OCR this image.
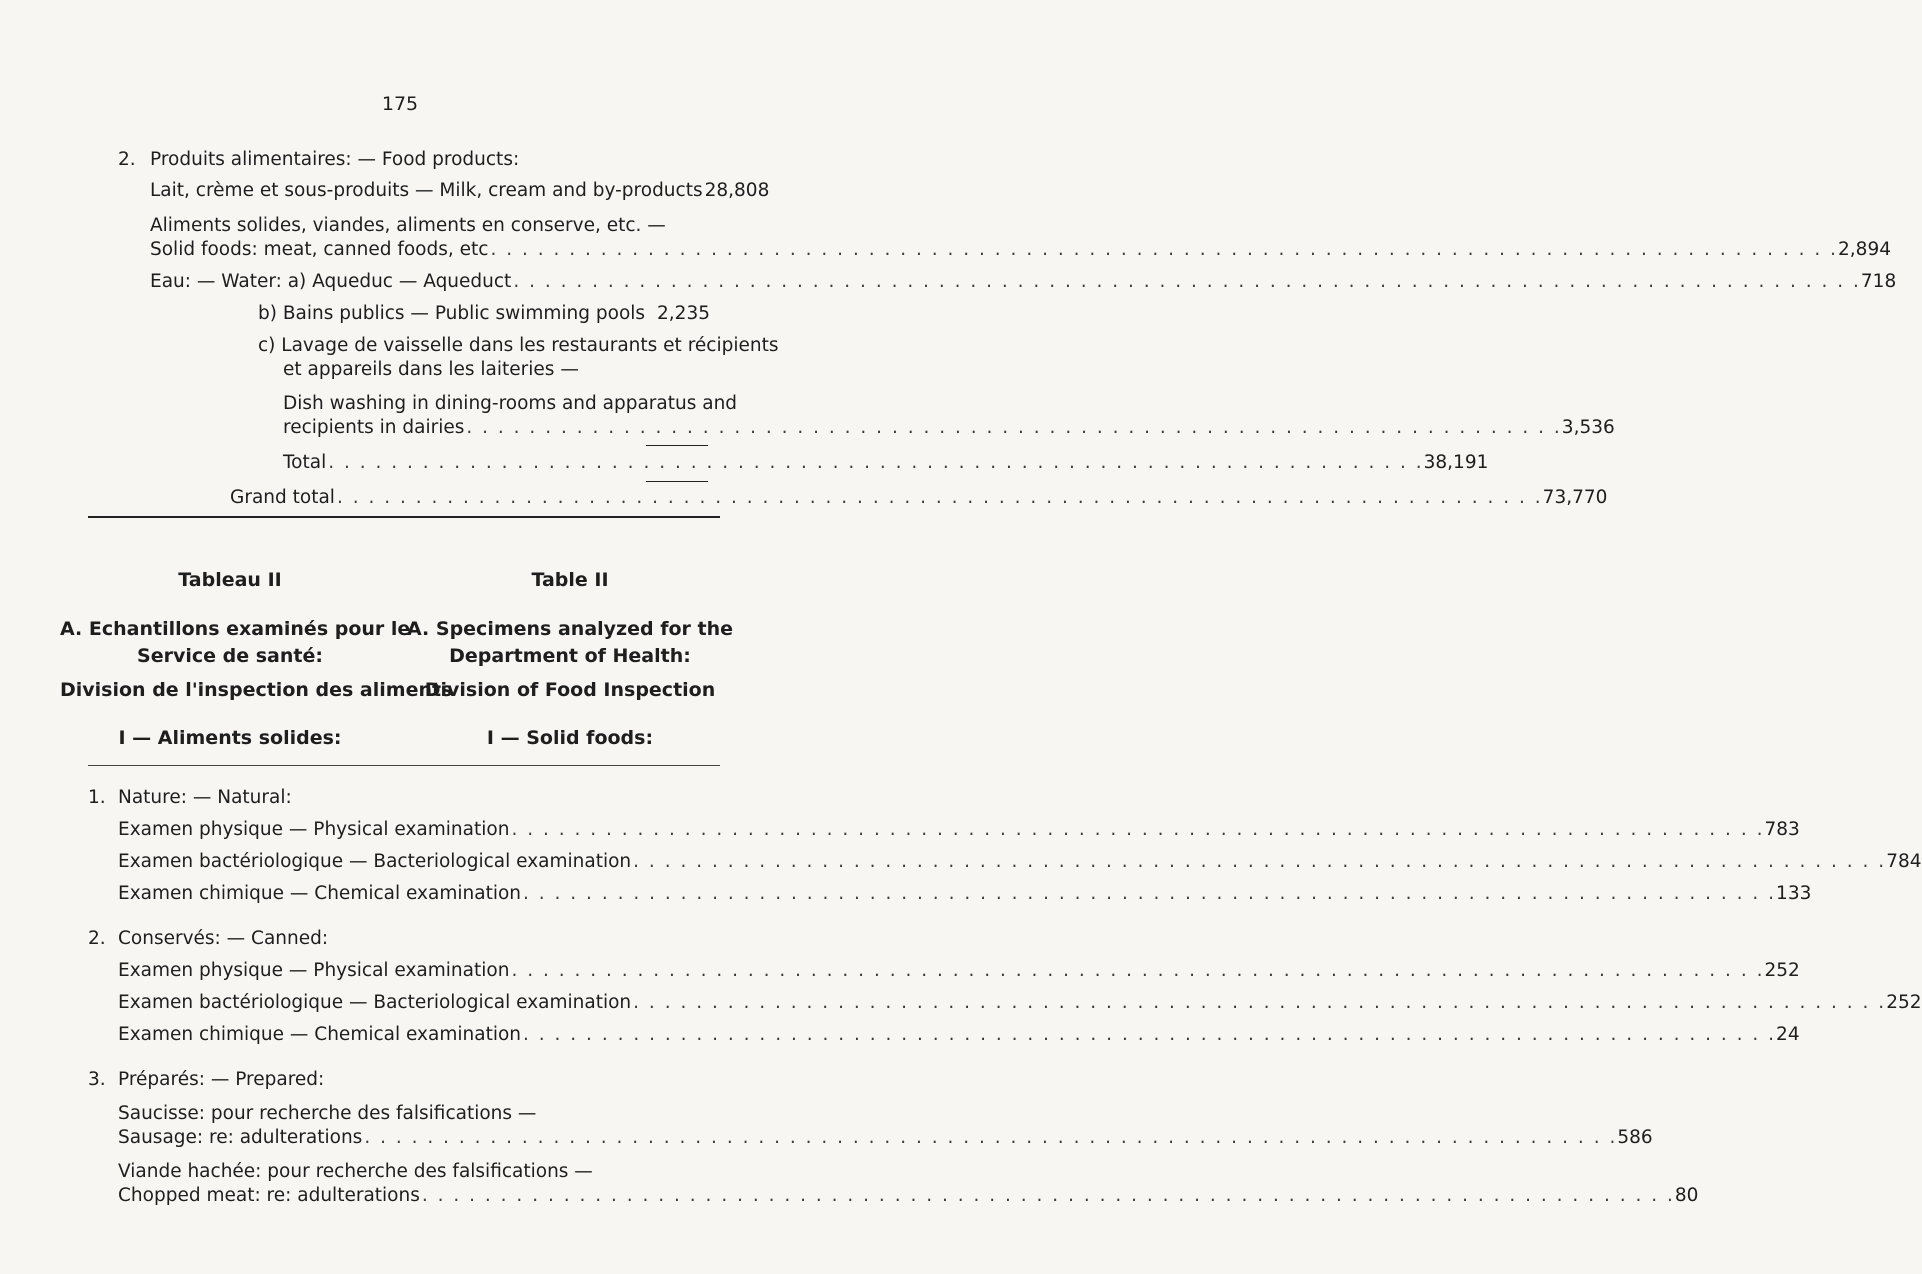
175
2. Produits alimentaires: — Food products:
Lait, crème et sous-produits — Milk, cream and by-products 28,808
Aliments solides, viandes, aliments en conserve, etc. —
Solid foods: meat, canned foods, etc . . . . . . . . . . . . . . . . . . . . . . . . . . . . . . . . . . . . . . . . . . . . . . . . . . . . . . . . . . . . . . . . . . . . . . . . . . . . . . . . . . . . . . 2,894
Eau: — Water: a) Aqueduc — Aqueduct . . . . . . . . . . . . . . . . . . . . . . . . . . . . . . . . . . . . . . . . . . . . . . . . . . . . . . . . . . . . . . . . . . . . . . . . . . . . . . . . . . . . . . 718
b) Bains publics — Public swimming pools 2,235
c) Lavage de vaisselle dans les restaurants et récipients
et appareils dans les laiteries —
Dish washing in dining-rooms and apparatus and
recipients in dairies . . . . . . . . . . . . . . . . . . . . . . . . . . . . . . . . . . . . . . . . . . . . . . . . . . . . . . . . . . . . . . . . . . . . . . 3,536
Total . . . . . . . . . . . . . . . . . . . . . . . . . . . . . . . . . . . . . . . . . . . . . . . . . . . . . . . . . . . . . . . . . . . . . . 38,191
Grand total . . . . . . . . . . . . . . . . . . . . . . . . . . . . . . . . . . . . . . . . . . . . . . . . . . . . . . . . . . . . . . . . . . . . . . . . . . . . . 73,770
Tableau II	Table II
A. Echantillons examinés pour le
A. Specimens analyzed for the
Service de santé:	Department of Health:
Division de l'inspection des aliments
Division of Food Inspection
I — Aliments solides:	I — Solid foods:
1. Nature: — Natural:
Examen physique — Physical examination . . . . . . . . . . . . . . . . . . . . . . . . . . . . . . . . . . . . . . . . . . . . . . . . . . . . . . . . . . . . . . . . . . . . . . . . . . . . . . . . 783
Examen bactériologique — Bacteriological examination . . . . . . . . . . . . . . . . . . . . . . . . . . . . . . . . . . . . . . . . . . . . . . . . . . . . . . . . . . . . . . . . . . . . . . . . . . . . . . . . 784
Examen chimique — Chemical examination . . . . . . . . . . . . . . . . . . . . . . . . . . . . . . . . . . . . . . . . . . . . . . . . . . . . . . . . . . . . . . . . . . . . . . . . . . . . . . . . 133
2. Conservés: — Canned:
Examen physique — Physical examination . . . . . . . . . . . . . . . . . . . . . . . . . . . . . . . . . . . . . . . . . . . . . . . . . . . . . . . . . . . . . . . . . . . . . . . . . . . . . . . . 252
Examen bactériologique — Bacteriological examination . . . . . . . . . . . . . . . . . . . . . . . . . . . . . . . . . . . . . . . . . . . . . . . . . . . . . . . . . . . . . . . . . . . . . . . . . . . . . . . . 252
Examen chimique — Chemical examination . . . . . . . . . . . . . . . . . . . . . . . . . . . . . . . . . . . . . . . . . . . . . . . . . . . . . . . . . . . . . . . . . . . . . . . . . . . . . . . . 24
3. Préparés: — Prepared:
Saucisse: pour recherche des falsifications —
Sausage: re: adulterations . . . . . . . . . . . . . . . . . . . . . . . . . . . . . . . . . . . . . . . . . . . . . . . . . . . . . . . . . . . . . . . . . . . . . . . . . . . . . . . . 586
Viande hachée: pour recherche des falsifications —
Chopped meat: re: adulterations . . . . . . . . . . . . . . . . . . . . . . . . . . . . . . . . . . . . . . . . . . . . . . . . . . . . . . . . . . . . . . . . . . . . . . . . . . . . . . . . 80
